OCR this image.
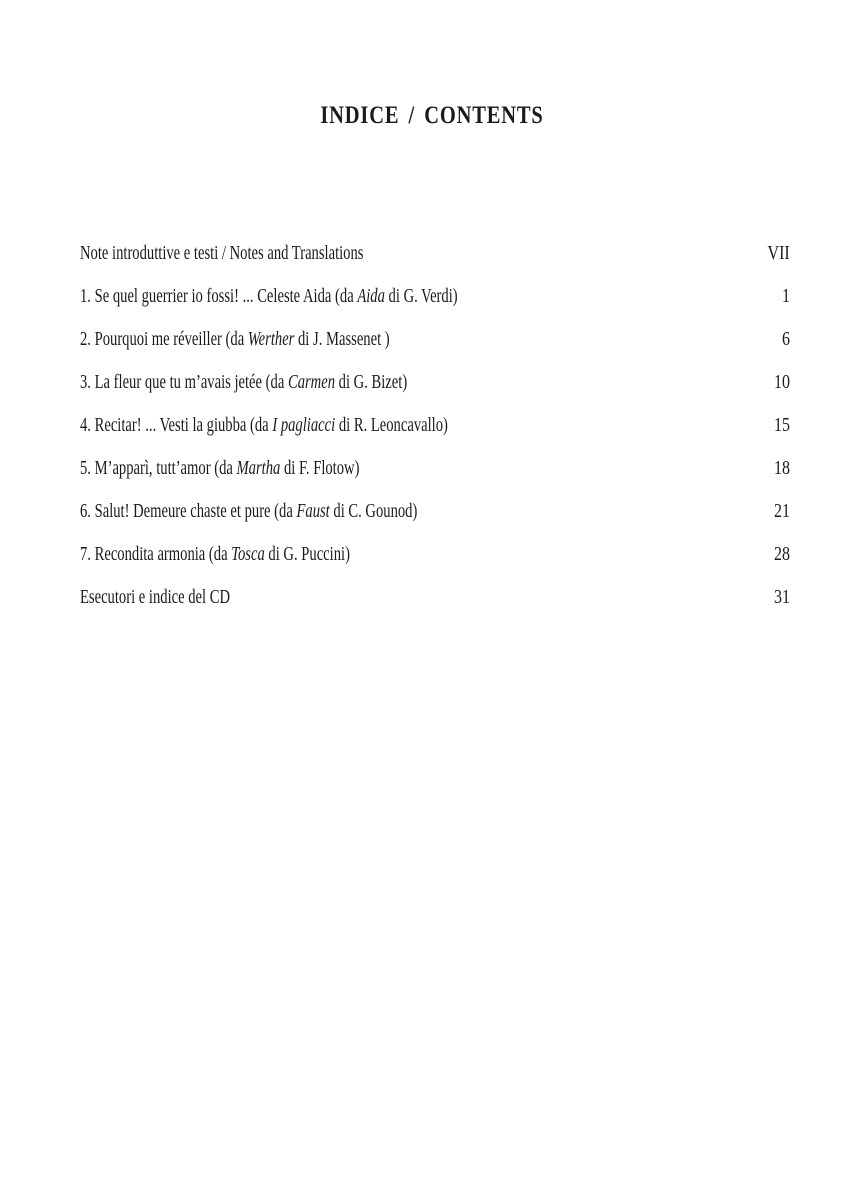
INDICE / CONTENTS
Note introduttive e testi / Notes and Translations	VII
1. Se quel guerrier io fossi! ... Celeste Aida (da Aida di G. Verdi)	1
2. Pourquoi me réveiller (da Werther di J. Massenet )	6
3. La fleur que tu m’avais jetée (da Carmen di G. Bizet)	10
4. Recitar! ... Vesti la giubba (da I pagliacci di R. Leoncavallo)	15
5. M’apparì, tutt’amor (da Martha di F. Flotow)	18
6. Salut! Demeure chaste et pure (da Faust di C. Gounod)	21
7. Recondita armonia (da Tosca di G. Puccini)	28
Esecutori e indice del CD	31
